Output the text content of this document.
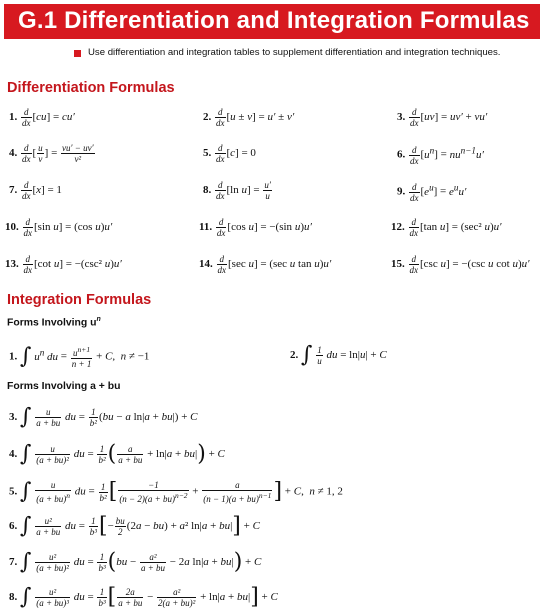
G.1 Differentiation and Integration Formulas
Use differentiation and integration tables to supplement differentiation and integration techniques.
Differentiation Formulas
1. $\frac{d}{dx} [cu] = cu'$	2. $\frac{d}{dx} [u \pm v] = u' \pm v'$	3. $\frac{d}{dx} [uv] = uv' + vu'$
4. $\frac{d}{dx}$ [ $\frac{u}{v}$ ] = $\frac{vu' - uv'}{\text{v²}}$	5. $\frac{d}{dx} [c] = 0$	6. $\frac{d}{dx} [u^n] = nu^{n-1}u'$
7. $\frac{d}{dx} [x] = 1$	8. $\frac{d}{dx} [\ln$ $u] = \frac{u'}{u}$	9. $\frac{d}{dx} [e^u] = e^uu'$
10. $\frac{d}{dx} [\sin$ u] = (cos u)u′	11. $\frac{d}{dx} [\cos$ u] = −(sin u)u′	12. $\frac{d}{dx} [\tan$ u] = (sec² u)u′
13. $\frac{d}{dx} [\cot$ u] = −(csc² u)u′	14. $\frac{d}{dx} [\sec$ u] = (sec u tan u)u′	15. $\frac{d}{dx} [\csc$ u] = −(csc u cot u)u′
Integration Formulas
Forms Involving $u^n$
1. ∫ $u^n$ du = $\frac{u^{n+1}}{n + 1} + C$,  n ≠ −1	2. ∫ $\frac{1}{u}$ du = ln|u| + C
Forms Involving a + bu
3. ∫ $\frac{u}{a + bu}$ du = $\frac{1}{\text{b²}} (bu - a$ ln|a + bu|) + C
4. ∫ $\frac{u}{\text{(a + bu)²}}$ du = $\frac{1}{\text{b²}}$ ( $\frac{a}{a + bu} + \ln|a + bu|) + C$
5. ∫ $\frac{u}{(a + bu)^n}$ du = $\frac{1}{\text{b²}}$ [ $\frac{-1}{(n - 2)(a + bu)^{n-2}} + \frac{a}{(n - 1)(a + bu)^{n-1}}$ ] + C,  n ≠ 1, 2
6. ∫ $\frac{\text{u²}}{a + bu}$ du = $\frac{1}{\text{b³}}$ [− $\frac{bu}{2} (2a - bu) + a^2$ ln|a + bu|] + C
7. ∫ $\frac{\text{u²}}{\text{(a + bu)²}}$ du = $\frac{1}{\text{b³}} (bu - \frac{\text{a²}}{a + bu} - 2a$ ln|a + bu|) + C
8. ∫ $\frac{\text{u²}}{\text{(a + bu)³}}$ du = $\frac{1}{\text{b³}}$ [ $\frac{2a}{a + bu} - \frac{\text{a²}}{\text{2(a + bu)²}} + \ln|a + bu|] + C$
